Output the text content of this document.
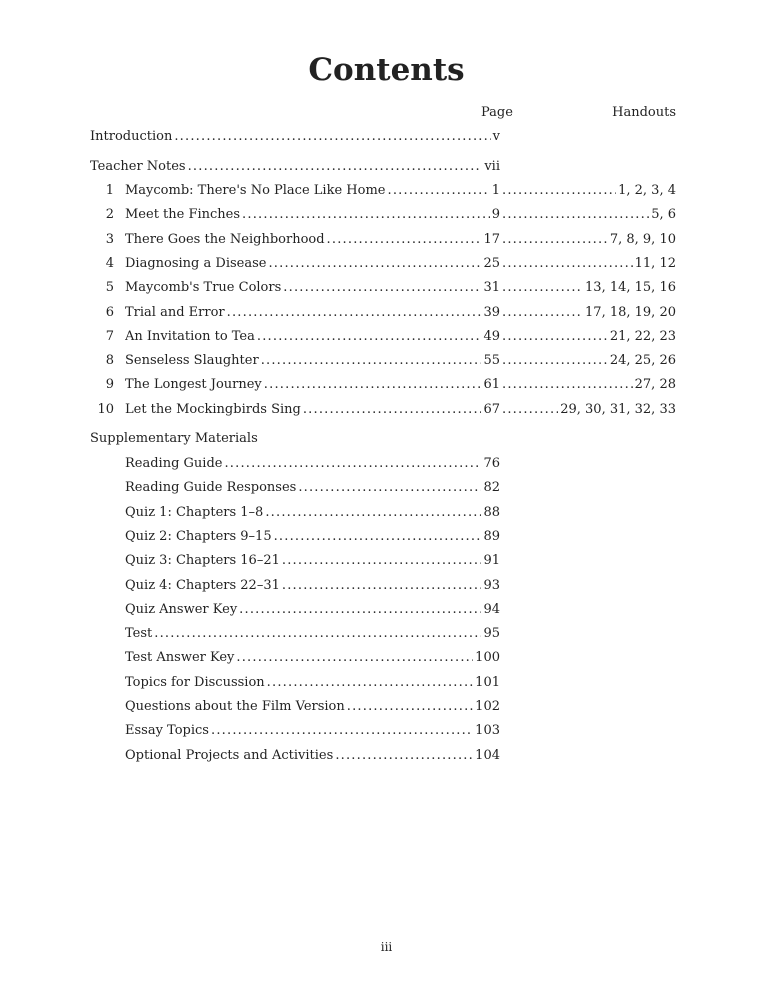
Contents
Page	Handouts
Introduction .....	v
Teacher Notes .....	vii
1 Maycomb: There's No Place Like Home .....	1 .....	1, 2, 3, 4
2 Meet the Finches .....	9 .....	5, 6
3 There Goes the Neighborhood .....	17 .....	7, 8, 9, 10
4 Diagnosing a Disease .....	25 .....	11, 12
5 Maycomb's True Colors .....	31 .....	13, 14, 15, 16
6 Trial and Error .....	39 .....	17, 18, 19, 20
7 An Invitation to Tea .....	49 .....	21, 22, 23
8 Senseless Slaughter .....	55 .....	24, 25, 26
9 The Longest Journey .....	61 .....	27, 28
10 Let the Mockingbirds Sing .....	67 .....	29, 30, 31, 32, 33
Supplementary Materials
Reading Guide .....	76
Reading Guide Responses .....	82
Quiz 1: Chapters 1–8 .....	88
Quiz 2: Chapters 9–15 .....	89
Quiz 3: Chapters 16–21 .....	91
Quiz 4: Chapters 22–31 .....	93
Quiz Answer Key .....	94
Test .....	95
Test Answer Key .....	100
Topics for Discussion .....	101
Questions about the Film Version .....	102
Essay Topics .....	103
Optional Projects and Activities .....	104
iii
